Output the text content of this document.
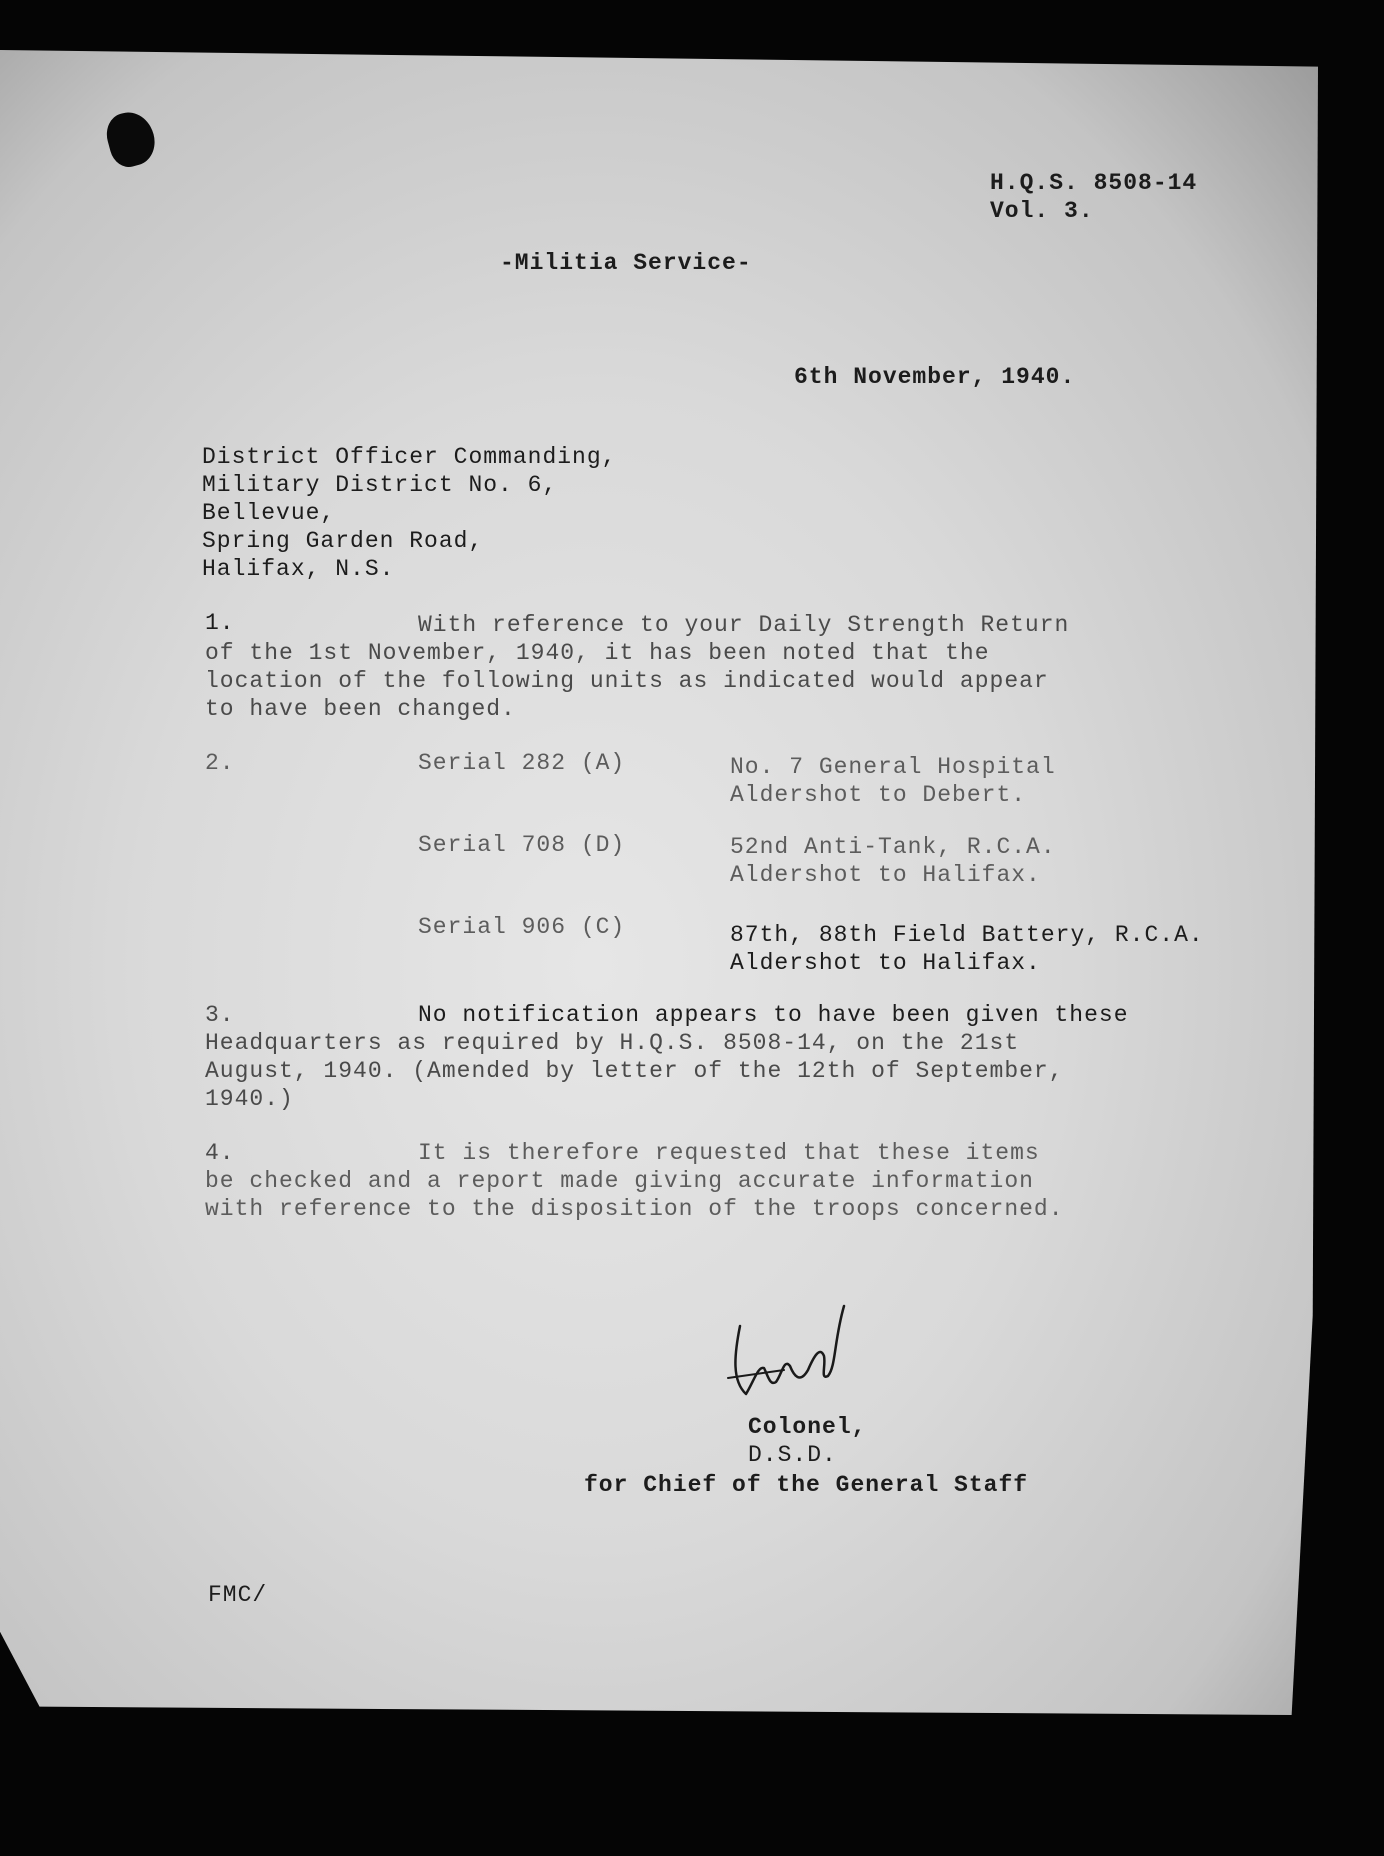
H.Q.S. 8508-14
Vol. 3.
-Militia Service-
6th November, 1940.
District Officer Commanding,
Military District No. 6,
Bellevue,
Spring Garden Road,
Halifax, N.S.
1.	With reference to your Daily Strength Return
of the 1st November, 1940, it has been noted that the
location of the following units as indicated would appear
to have been changed.
2.	Serial 282 (A)	No. 7 General Hospital
Aldershot to Debert.
Serial 708 (D)	52nd Anti-Tank, R.C.A.
Aldershot to Halifax.
Serial 906 (C)	87th, 88th Field Battery, R.C.A.
Aldershot to Halifax.
3.	No notification appears to have been given these
Headquarters as required by H.Q.S. 8508-14, on the 21st
August, 1940. (Amended by letter of the 12th of September,
1940.)
4.	It is therefore requested that these items
be checked and a report made giving accurate information
with reference to the disposition of the troops concerned.
Colonel,
D.S.D.
for Chief of the General Staff
FMC/
